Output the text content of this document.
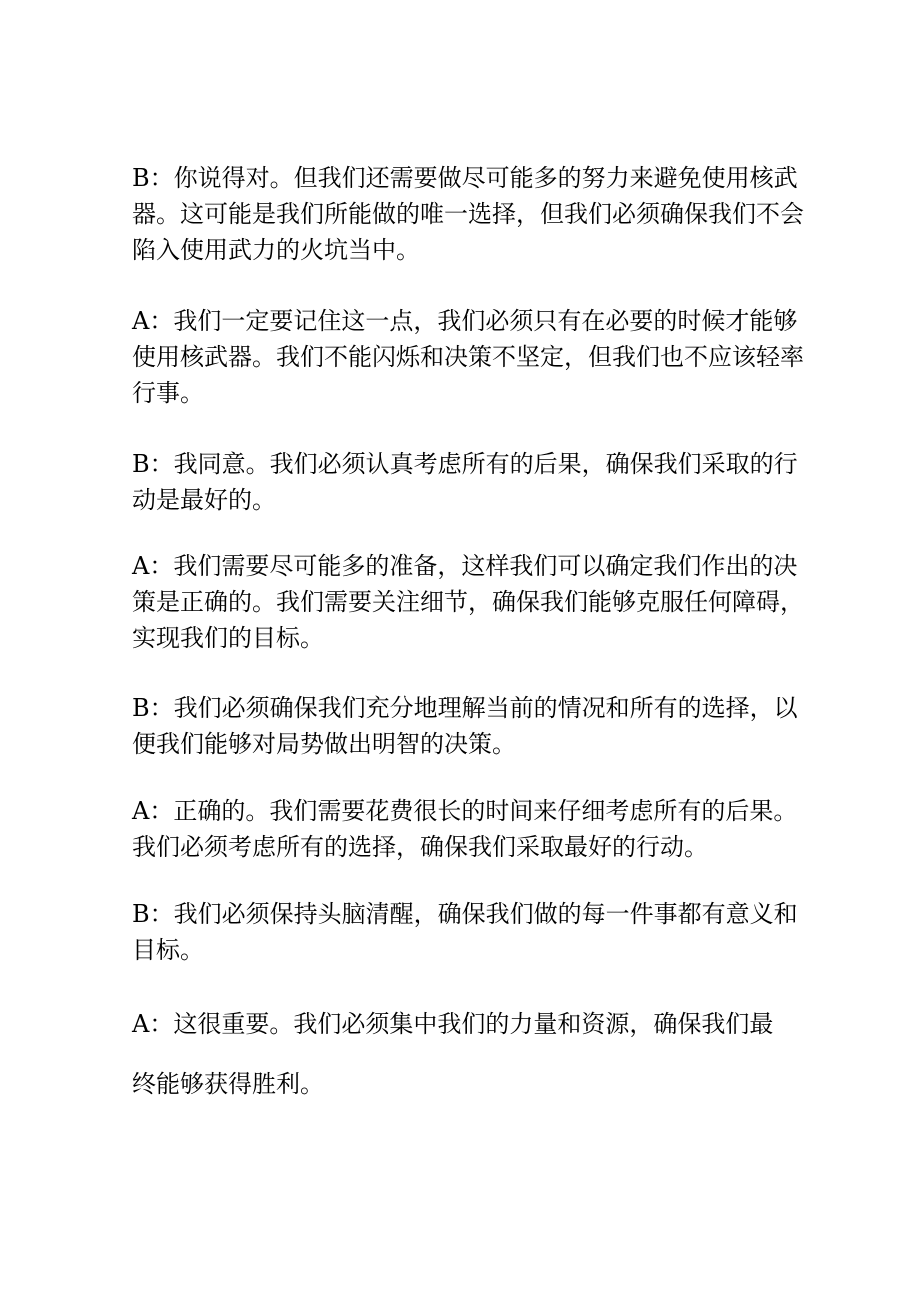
B：你说得对。但我们还需要做尽可能多的努力来避免使用核武
器。这可能是我们所能做的唯一选择，但我们必须确保我们不会
陷入使用武力的火坑当中。

A：我们一定要记住这一点，我们必须只有在必要的时候才能够
使用核武器。我们不能闪烁和决策不坚定，但我们也不应该轻率
行事。

B：我同意。我们必须认真考虑所有的后果，确保我们采取的行
动是最好的。

A：我们需要尽可能多的准备，这样我们可以确定我们作出的决
策是正确的。我们需要关注细节，确保我们能够克服任何障碍，
实现我们的目标。

B：我们必须确保我们充分地理解当前的情况和所有的选择，以
便我们能够对局势做出明智的决策。

A：正确的。我们需要花费很长的时间来仔细考虑所有的后果。
我们必须考虑所有的选择，确保我们采取最好的行动。

B：我们必须保持头脑清醒，确保我们做的每一件事都有意义和
目标。

A：这很重要。我们必须集中我们的力量和资源，确保我们最

终能够获得胜利。
